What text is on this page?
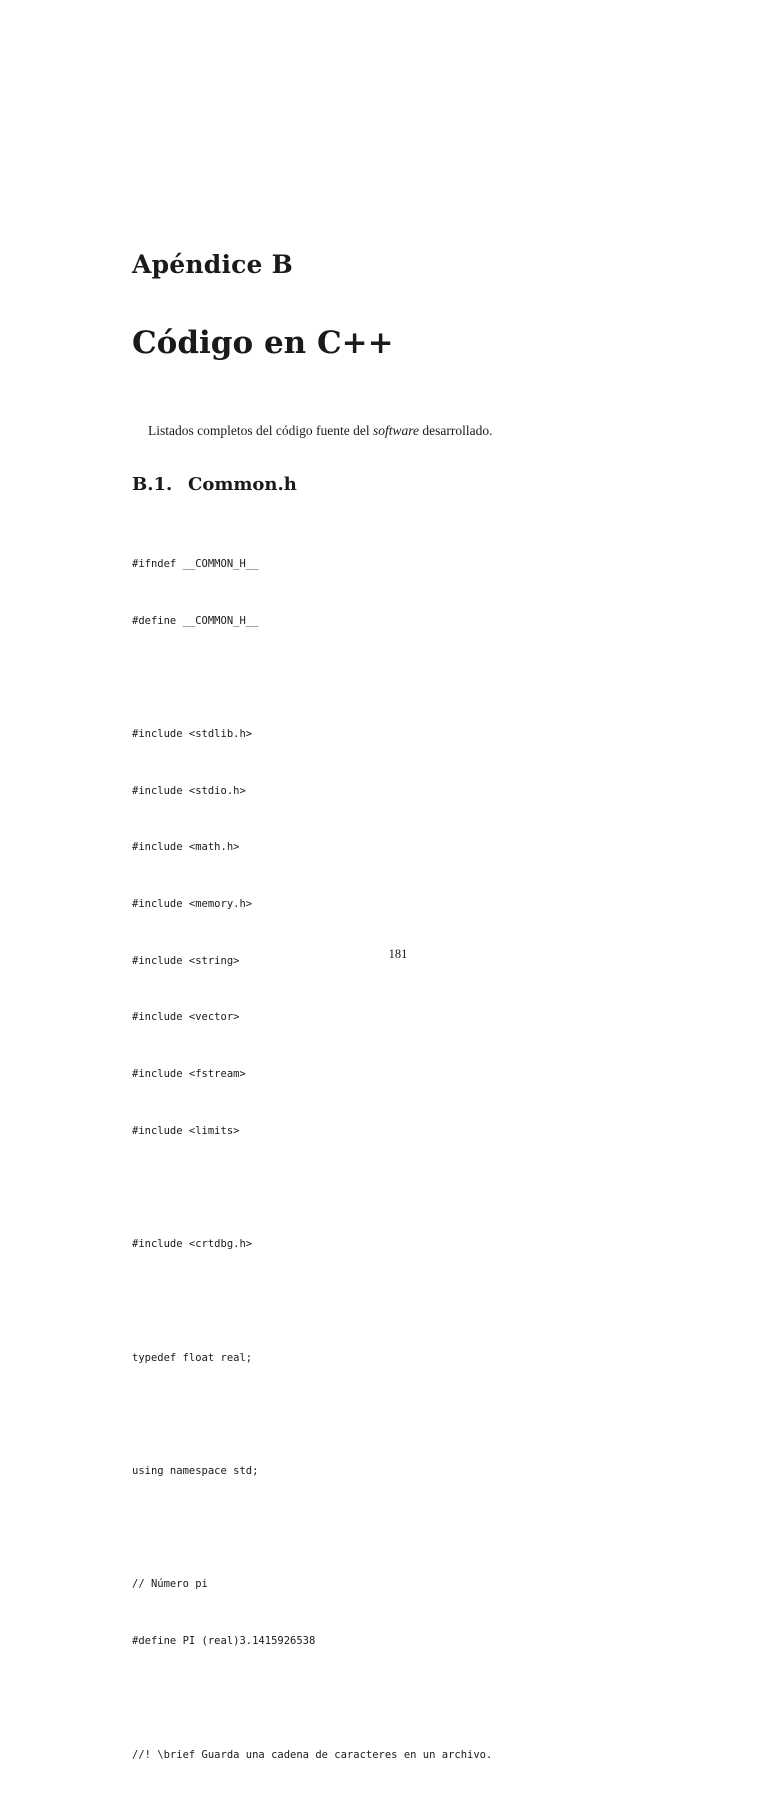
Apéndice B
Código en C++

Listados completos del código fuente del software desarrollado.

B.1. Common.h

#ifndef __COMMON_H__

#define __COMMON_H__

#include <stdlib.h>

#include <stdio.h>

#include <math.h>

#include <memory.h>

#include <string>

#include <vector>

#include <fstream>

#include <limits>

#include <crtdbg.h>

typedef float real;

using namespace std;

// Número pi

#define PI (real)3.1415926538

//! \brief Guarda una cadena de caracteres en un archivo.

181
